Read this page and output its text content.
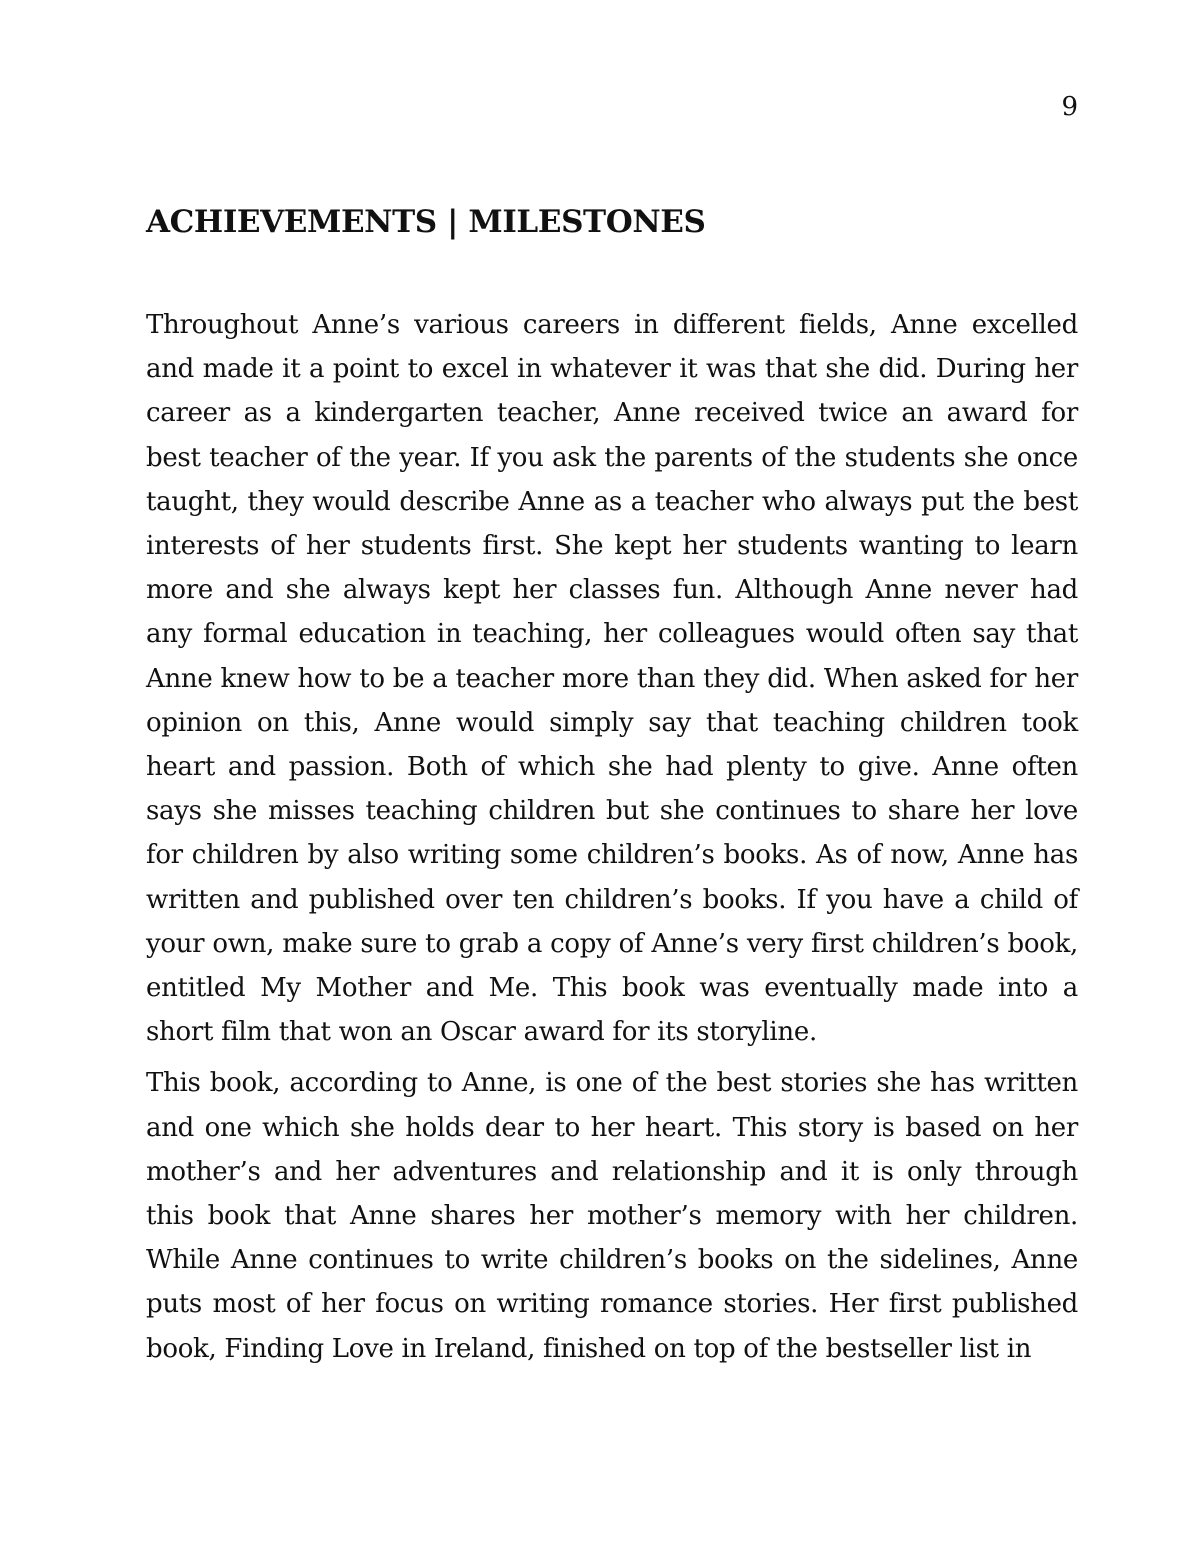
9

ACHIEVEMENTS | MILESTONES

Throughout Anne’s various careers in different fields, Anne excelled and made it a point to excel in whatever it was that she did. During her career as a kindergarten teacher, Anne received twice an award for best teacher of the year. If you ask the parents of the students she once taught, they would describe Anne as a teacher who always put the best interests of her students first. She kept her students wanting to learn more and she always kept her classes fun. Although Anne never had any formal education in teaching, her colleagues would often say that Anne knew how to be a teacher more than they did. When asked for her opinion on this, Anne would simply say that teaching children took heart and passion. Both of which she had plenty to give. Anne often says she misses teaching children but she continues to share her love for children by also writing some children’s books. As of now, Anne has written and published over ten children’s books. If you have a child of your own, make sure to grab a copy of Anne’s very first children’s book, entitled My Mother and Me. This book was eventually made into a short film that won an Oscar award for its storyline.

This book, according to Anne, is one of the best stories she has written and one which she holds dear to her heart. This story is based on her mother’s and her adventures and relationship and it is only through this book that Anne shares her mother’s memory with her children. While Anne continues to write children’s books on the sidelines, Anne puts most of her focus on writing romance stories. Her first published book, Finding Love in Ireland, finished on top of the bestseller list in
